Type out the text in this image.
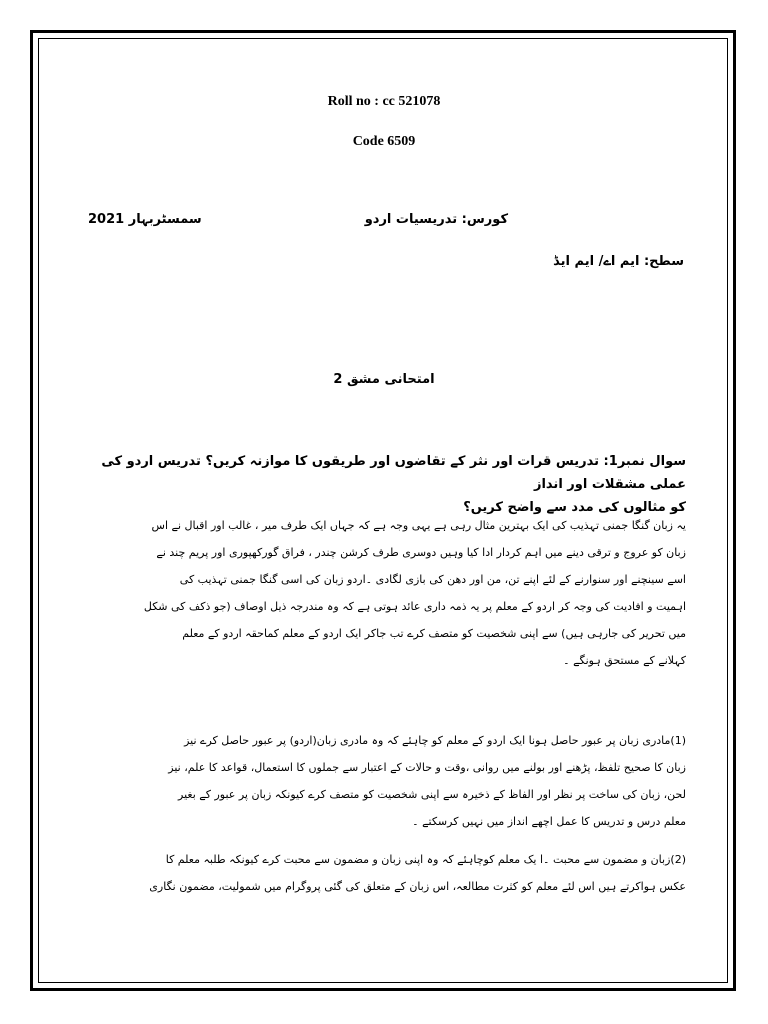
Roll no : cc 521078
Code 6509
کورس: تدریسیات اردو
سمسٹربہار 2021
سطح: ایم اے/ ایم ایڈ
امتحانی مشق 2
سوال نمبر1: تدریس قرات اور نثر کے تقاضوں اور طریقوں کا موازنہ کریں؟ تدریس اردو کی عملی مشقلات اور انداز
کو مثالوں کی مدد سے واضح کریں؟

یہ زبان گنگا جمنی تہذیب کی ایک بہترین مثال رہی ہے یہی وجہ ہے کہ جہاں ایک طرف میر ، غالب اور اقبال نے اس

زبان کو عروج و ترقی دینے میں اہم کردار ادا کیا وہیں دوسری طرف کرشن چندر ، فراق گورکھپوری اور پریم چند نے

اسے سینچنے اور سنوارنے کے لئے اپنے تن، من اور دھن کی بازی لگادی ۔اردو زبان کی اسی گنگا جمنی تہذیب کی

اہمیت و افادیت کی وجہ کر اردو کے معلم پر یہ ذمہ داری عائد ہوتی ہے کہ وہ مندرجہ ذیل اوصاف (جو ذکف کی شکل

میں تحریر کی جارہی ہیں) سے اپنی شخصیت کو متصف کرے تب جاکر ایک اردو کے معلم کماحقہ اردو کے معلم

کہلانے کے مستحق ہونگے ۔

(1)مادری زبان پر عبور حاصل ہونا ایک اردو کے معلم کو چاہئے کہ وہ مادری زبان(اردو) پر عبور حاصل کرے نیز

زبان کا صحیح تلفظ، پڑھنے اور بولنے میں روانی ،وقت و حالات کے اعتبار سے جملوں کا استعمال، قواعد کا علم، نیز

لحن، زبان کی ساخت پر نظر اور الفاظ کے ذخیرہ سے اپنی شخصیت کو متصف کرے کیونکہ زبان پر عبور کے بغیر

معلم درس و تدریس کا عمل اچھے انداز میں نہیں کرسکتے ۔

(2)زبان و مضمون سے محبت ۔ا یک معلم کوچاہئے کہ وہ اپنی زبان و مضمون سے محبت کرے کیونکہ طلبہ معلم کا

عکس ہواکرتے ہیں اس لئے معلم کو کثرت مطالعہ، اس زبان کے متعلق کی گئی پروگرام میں شمولیت، مضمون نگاری
